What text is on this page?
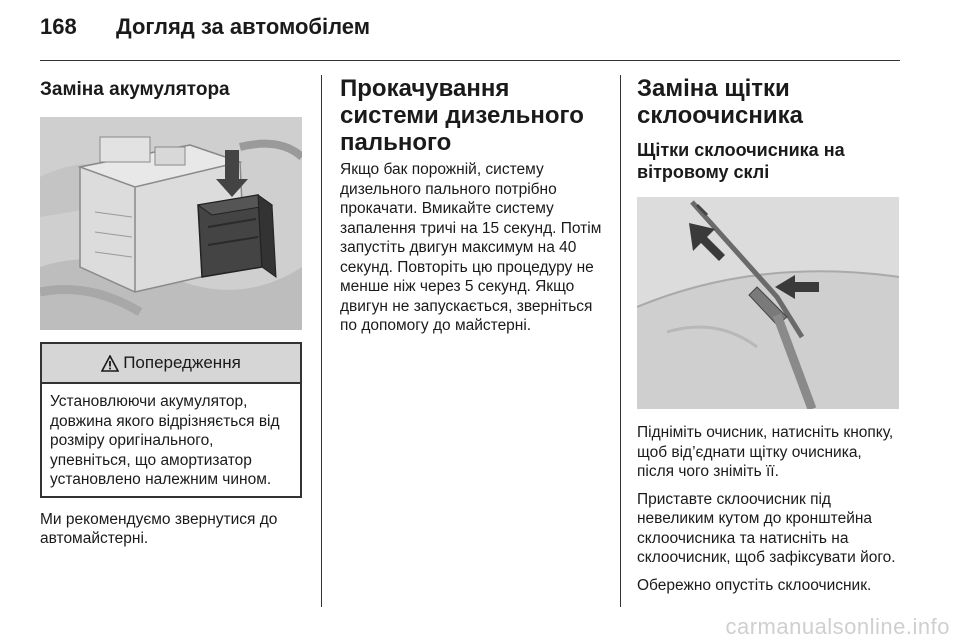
168 Догляд за автомобілем
Заміна акумулятора
Попередження

Установлюючи акумулятор, довжина якого відрізняється від розміру оригінального, упевніться, що амортизатор установлено належним чином.

Ми рекомендуємо звернутися до автомайстерні.

Прокачування системи дизельного пального

Якщо бак порожній, систему дизельного пального потрібно прокачати. Вмикайте систему запалення тричі на 15 секунд. Потім запустіть двигун максимум на 40 секунд. Повторіть цю процедуру не менше ніж через 5 секунд. Якщо двигун не запускається, зверніться по допомогу до майстерні.

Заміна щітки склоочисника
Щітки склоочисника на вітровому склі

Підніміть очисник, натисніть кнопку, щоб від’єднати щітку очисника, після чого зніміть її.

Приставте склоочисник під невеликим кутом до кронштейна склоочисника та натисніть на склоочисник, щоб зафіксувати його.

Обережно опустіть склоочисник.

carmanualsonline.info
